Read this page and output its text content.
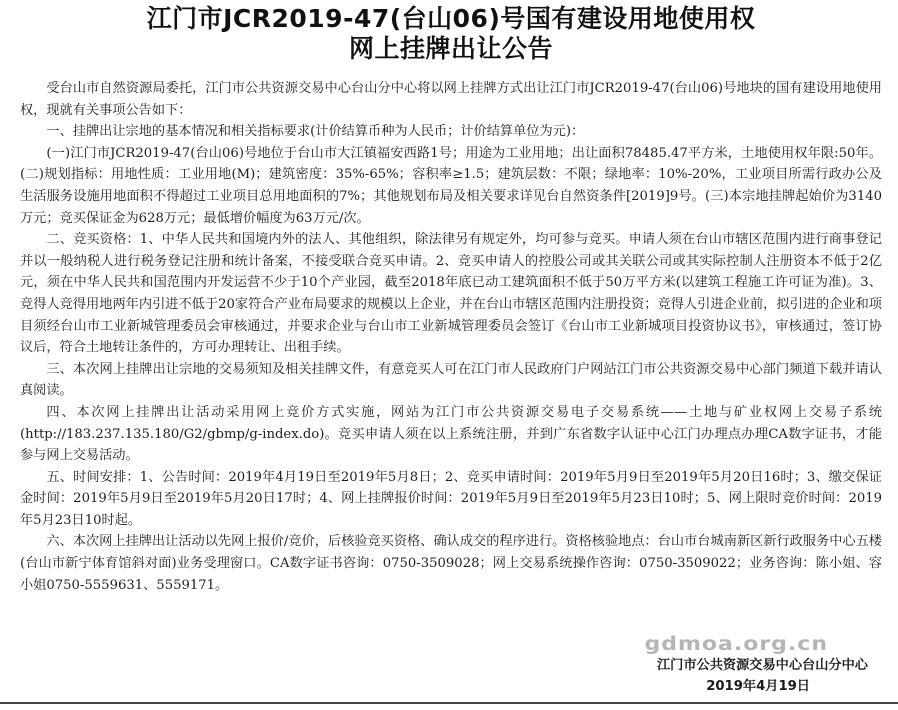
江门市JCR2019-47(台山06)号国有建设用地使用权
网上挂牌出让公告

受台山市自然资源局委托，江门市公共资源交易中心台山分中心将以网上挂牌方式出让江门市JCR2019-47(台山06)号地块的国有建设用地使用权，现就有关事项公告如下：

一、挂牌出让宗地的基本情况和相关指标要求(计价结算币种为人民币；计价结算单位为元)：

(一)江门市JCR2019-47(台山06)号地位于台山市大江镇福安西路1号；用途为工业用地；出让面积78485.47平方米，土地使用权年限:50年。(二)规划指标：用地性质：工业用地(M)；建筑密度：35%-65%；容积率≥1.5；建筑层数：不限；绿地率：10%-20%，工业项目所需行政办公及生活服务设施用地面积不得超过工业项目总用地面积的7%；其他规划布局及相关要求详见台自然资条件[2019]9号。(三)本宗地挂牌起始价为3140万元；竞买保证金为628万元；最低增价幅度为63万元/次。

二、竞买资格：1、中华人民共和国境内外的法人、其他组织，除法律另有规定外，均可参与竞买。申请人须在台山市辖区范围内进行商事登记并以一般纳税人进行税务登记注册和统计备案，不接受联合竞买申请。2、竞买申请人的控股公司或其关联公司或其实际控制人注册资本不低于2亿元，须在中华人民共和国范围内开发运营不少于10个产业园，截至2018年底已动工建筑面积不低于50万平方米(以建筑工程施工许可证为准)。3、竞得人竞得用地两年内引进不低于20家符合产业布局要求的规模以上企业，并在台山市辖区范围内注册投资；竞得人引进企业前，拟引进的企业和项目须经台山市工业新城管理委员会审核通过，并要求企业与台山市工业新城管理委员会签订《台山市工业新城项目投资协议书》，审核通过，签订协议后，符合土地转让条件的，方可办理转让、出租手续。

三、本次网上挂牌出让宗地的交易须知及相关挂牌文件，有意竞买人可在江门市人民政府门户网站江门市公共资源交易中心部门频道下载并请认真阅读。

四、本次网上挂牌出让活动采用网上竞价方式实施，网站为江门市公共资源交易电子交易系统——土地与矿业权网上交易子系统(http://183.237.135.180/G2/gbmp/g-index.do)。竞买申请人须在以上系统注册，并到广东省数字认证中心江门办理点办理CA数字证书，才能参与网上交易活动。

五、时间安排：1、公告时间：2019年4月19日至2019年5月8日；2、竞买申请时间：2019年5月9日至2019年5月20日16时；3、缴交保证金时间：2019年5月9日至2019年5月20日17时；4、网上挂牌报价时间：2019年5月9日至2019年5月23日10时；5、网上限时竞价时间：2019年5月23日10时起。

六、本次网上挂牌出让活动以先网上报价/竞价，后核验竞买资格、确认成交的程序进行。资格核验地点：台山市台城南新区新行政服务中心五楼(台山市新宁体育馆斜对面)业务受理窗口。CA数字证书咨询：0750-3509028；网上交易系统操作咨询：0750-3509022；业务咨询：陈小姐、容小姐0750-5559631、5559171。

gdmoa.org.cn
江门市公共资源交易中心台山分中心
2019年4月19日
